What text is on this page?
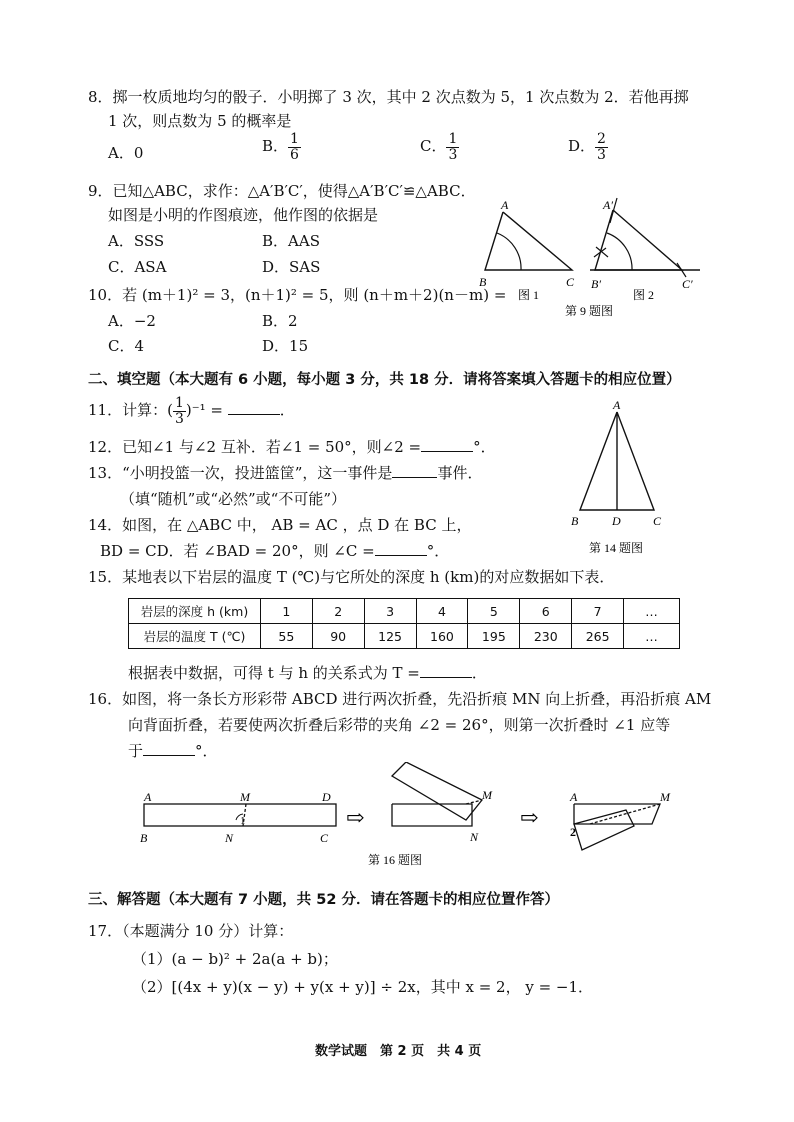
8．掷一枚质地均匀的骰子．小明掷了 3 次，其中 2 次点数为 5，1 次点数为 2．若他再掷
1 次，则点数为 5 的概率是
A．0	B． $\frac{1}{6}$	C． $\frac{1}{3}$	D． $\frac{2}{3}$
9．已知△ABC，求作：△A′B′C′，使得△A′B′C′≌△ABC．
如图是小明的作图痕迹，他作图的依据是
A．SSS	B．AAS
C．ASA	D．SAS
A
B	C
A′
B′	C′
图 1	图 2
第 9 题图
10．若 (m＋1)² = 3，(n＋1)² = 5，则 (n＋m＋2)(n－m) =
A．−2	B．2
C．4	D．15
二、填空题（本大题有 6 小题，每小题 3 分，共 18 分．请将答案填入答题卡的相应位置）
11．计算：( $\frac{1}{3} )^{-1}$ =	．
12．已知∠1 与∠2 互补．若∠1 = 50°，则∠2 =	°．
13．“小明投篮一次，投进篮筐”，这一事件是	事件．
（填“随机”或“必然”或“不可能”）
14．如图，在 △ABC 中， AB = AC ，点 D 在 BC 上，
BD = CD．若 ∠BAD = 20°，则 ∠C =	°．
A
B	D	C
第 14 题图
15．某地表以下岩层的温度 T (℃)与它所处的深度 h (km)的对应数据如下表．
岩层的深度 h (km)	1	2	3	4	5	6	7	…
岩层的温度 T (℃)	55	90	125	160	195	230	265	…
根据表中数据，可得 t 与 h 的关系式为 T =	．
16．如图，将一条长方形彩带 ABCD 进行两次折叠，先沿折痕 MN 向上折叠，再沿折痕 AM
向背面折叠，若要使两次折叠后彩带的夹角 ∠2 = 26°，则第一次折叠时 ∠1 应等
于	°．
A	M	D
B	N	C
1	⇨
M
N
⇨
A	M
2
第 16 题图
三、解答题（本大题有 7 小题，共 52 分．请在答题卡的相应位置作答）
17．（本题满分 10 分）计算：
（1）(a − b)² + 2a(a + b)；
（2）[(4x + y)(x − y) + y(x + y)] ÷ 2x，其中 x = 2， y = −1．
数学试题　第 2 页　共 4 页
